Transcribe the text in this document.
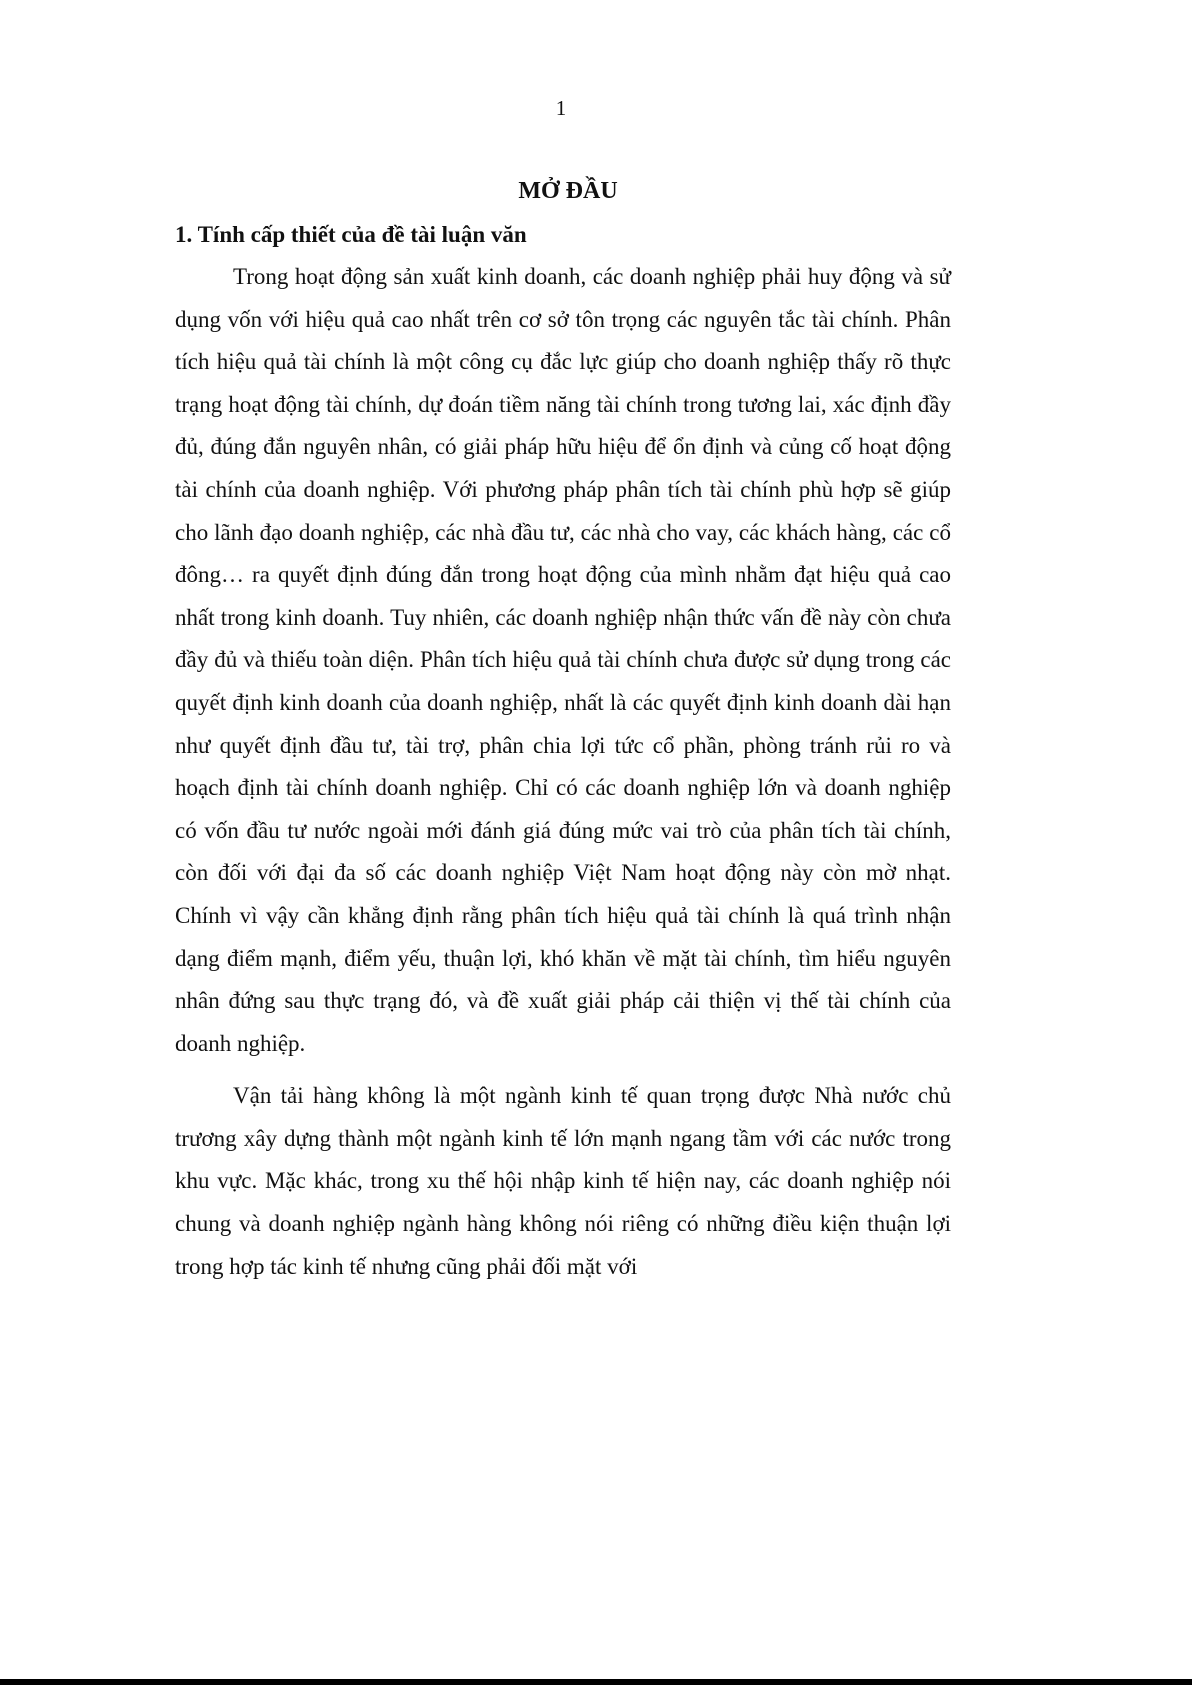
1
MỞ ĐẦU
1. Tính cấp thiết của đề tài luận văn

Trong hoạt động sản xuất kinh doanh, các doanh nghiệp phải huy động và sử dụng vốn với hiệu quả cao nhất trên cơ sở tôn trọng các nguyên tắc tài chính. Phân tích hiệu quả tài chính là một công cụ đắc lực giúp cho doanh nghiệp thấy rõ thực trạng hoạt động tài chính, dự đoán tiềm năng tài chính trong tương lai, xác định đầy đủ, đúng đắn nguyên nhân, có giải pháp hữu hiệu để ổn định và củng cố hoạt động tài chính của doanh nghiệp. Với phương pháp phân tích tài chính phù hợp sẽ giúp cho lãnh đạo doanh nghiệp, các nhà đầu tư, các nhà cho vay, các khách hàng, các cổ đông… ra quyết định đúng đắn trong hoạt động của mình nhằm đạt hiệu quả cao nhất trong kinh doanh. Tuy nhiên, các doanh nghiệp nhận thức vấn đề này còn chưa đầy đủ và thiếu toàn diện. Phân tích hiệu quả tài chính chưa được sử dụng trong các quyết định kinh doanh của doanh nghiệp, nhất là các quyết định kinh doanh dài hạn như quyết định đầu tư, tài trợ, phân chia lợi tức cổ phần, phòng tránh rủi ro và hoạch định tài chính doanh nghiệp. Chỉ có các doanh nghiệp lớn và doanh nghiệp có vốn đầu tư nước ngoài mới đánh giá đúng mức vai trò của phân tích tài chính, còn đối với đại đa số các doanh nghiệp Việt Nam hoạt động này còn mờ nhạt. Chính vì vậy cần khẳng định rằng phân tích hiệu quả tài chính là quá trình nhận dạng điểm mạnh, điểm yếu, thuận lợi, khó khăn về mặt tài chính, tìm hiểu nguyên nhân đứng sau thực trạng đó, và đề xuất giải pháp cải thiện vị thế tài chính của doanh nghiệp.

Vận tải hàng không là một ngành kinh tế quan trọng được Nhà nước chủ trương xây dựng thành một ngành kinh tế lớn mạnh ngang tầm với các nước trong khu vực. Mặc khác, trong xu thế hội nhập kinh tế hiện nay, các doanh nghiệp nói chung và doanh nghiệp ngành hàng không nói riêng có những điều kiện thuận lợi trong hợp tác kinh tế nhưng cũng phải đối mặt với
